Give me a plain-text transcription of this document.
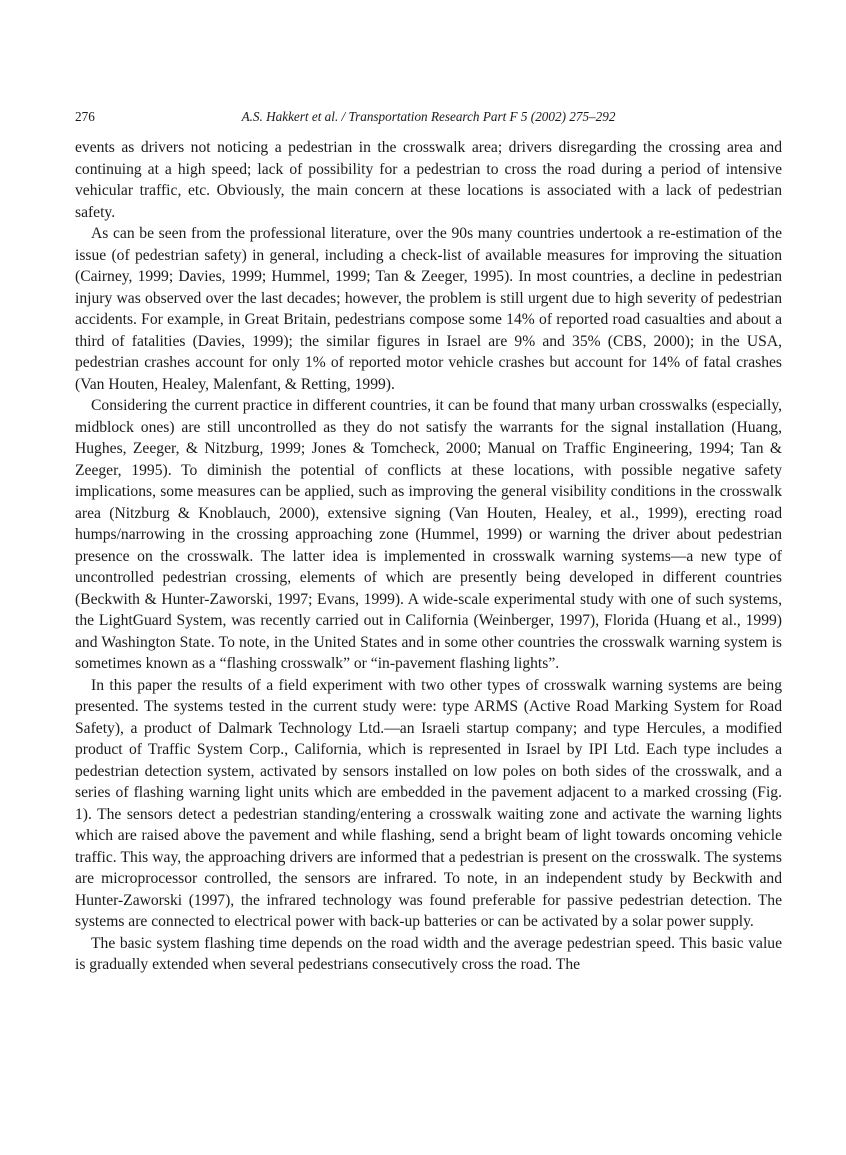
276	A.S. Hakkert et al. / Transportation Research Part F 5 (2002) 275–292

events as drivers not noticing a pedestrian in the crosswalk area; drivers disregarding the crossing area and continuing at a high speed; lack of possibility for a pedestrian to cross the road during a period of intensive vehicular traffic, etc. Obviously, the main concern at these locations is associated with a lack of pedestrian safety.

As can be seen from the professional literature, over the 90s many countries undertook a re-estimation of the issue (of pedestrian safety) in general, including a check-list of available measures for improving the situation (Cairney, 1999; Davies, 1999; Hummel, 1999; Tan & Zeeger, 1995). In most countries, a decline in pedestrian injury was observed over the last decades; however, the problem is still urgent due to high severity of pedestrian accidents. For example, in Great Britain, pedestrians compose some 14% of reported road casualties and about a third of fatalities (Davies, 1999); the similar figures in Israel are 9% and 35% (CBS, 2000); in the USA, pedestrian crashes account for only 1% of reported motor vehicle crashes but account for 14% of fatal crashes (Van Houten, Healey, Malenfant, & Retting, 1999).

Considering the current practice in different countries, it can be found that many urban crosswalks (especially, midblock ones) are still uncontrolled as they do not satisfy the warrants for the signal installation (Huang, Hughes, Zeeger, & Nitzburg, 1999; Jones & Tomcheck, 2000; Manual on Traffic Engineering, 1994; Tan & Zeeger, 1995). To diminish the potential of conflicts at these locations, with possible negative safety implications, some measures can be applied, such as improving the general visibility conditions in the crosswalk area (Nitzburg & Knoblauch, 2000), extensive signing (Van Houten, Healey, et al., 1999), erecting road humps/narrowing in the crossing approaching zone (Hummel, 1999) or warning the driver about pedestrian presence on the crosswalk. The latter idea is implemented in crosswalk warning systems—a new type of uncontrolled pedestrian crossing, elements of which are presently being developed in different countries (Beckwith & Hunter-Zaworski, 1997; Evans, 1999). A wide-scale experimental study with one of such systems, the LightGuard System, was recently carried out in California (Weinberger, 1997), Florida (Huang et al., 1999) and Washington State. To note, in the United States and in some other countries the crosswalk warning system is sometimes known as a “flashing crosswalk” or “in-pavement flashing lights”.

In this paper the results of a field experiment with two other types of crosswalk warning systems are being presented. The systems tested in the current study were: type ARMS (Active Road Marking System for Road Safety), a product of Dalmark Technology Ltd.—an Israeli startup company; and type Hercules, a modified product of Traffic System Corp., California, which is represented in Israel by IPI Ltd. Each type includes a pedestrian detection system, activated by sensors installed on low poles on both sides of the crosswalk, and a series of flashing warning light units which are embedded in the pavement adjacent to a marked crossing (Fig. 1). The sensors detect a pedestrian standing/entering a crosswalk waiting zone and activate the warning lights which are raised above the pavement and while flashing, send a bright beam of light towards oncoming vehicle traffic. This way, the approaching drivers are informed that a pedestrian is present on the crosswalk. The systems are microprocessor controlled, the sensors are infrared. To note, in an independent study by Beckwith and Hunter-Zaworski (1997), the infrared technology was found preferable for passive pedestrian detection. The systems are connected to electrical power with back-up batteries or can be activated by a solar power supply.

The basic system flashing time depends on the road width and the average pedestrian speed. This basic value is gradually extended when several pedestrians consecutively cross the road. The
